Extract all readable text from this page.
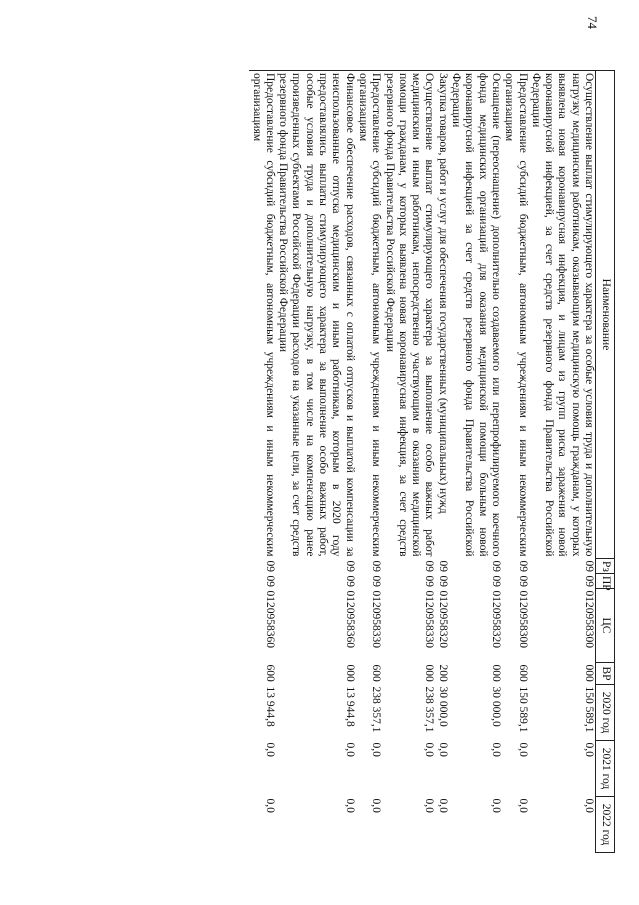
74
Наименование	Рз	ПР	ЦС	ВР	2020 год	2021 год	2022 год
Осуществление выплат стимулирующего характера за особые условия труда и дополнительную нагрузку медицинским работникам, оказывающим медицинскую помощь гражданам, у которых выявлена новая коронавирусная инфекция, и лицам из групп риска заражения новой коронавирусной инфекцией, за счет средств резервного фонда Правительства Российской Федерации	09	09	0120958300	000	150 589,1	0,0	0,0
Предоставление субсидий бюджетным, автономным учреждениям и иным некоммерческим организациям	09	09	0120958300	600	150 589,1	0,0	0,0
Оснащение (переоснащение) дополнительно создаваемого или перепрофилируемого коечного фонда медицинских организаций для оказания медицинской помощи больным новой коронавирусной инфекцией за счет средств резервного фонда Правительства Российской Федерации	09	09	0120958320	000	30 000,0	0,0	0,0
Закупка товаров, работ и услуг для обеспечения государственных (муниципальных) нужд	09	09	0120958320	200	30 000,0	0,0	0,0
Осуществление выплат стимулирующего характера за выполнение особо важных работ медицинским и иным работникам, непосредственно участвующим в оказании медицинской помощи гражданам, у которых выявлена новая коронавирусная инфекция, за счет средств резервного фонда Правительства Российской Федерации	09	09	0120958330	000	238 357,1	0,0	0,0
Предоставление субсидий бюджетным, автономным учреждениям и иным некоммерческим организациям	09	09	0120958330	600	238 357,1	0,0	0,0
Финансовое обеспечение расходов, связанных с оплатой отпусков и выплатой компенсации за неиспользованные отпуска медицинским и иным работникам, которым в 2020 году предоставлялись выплаты стимулирующего характера за выполнение особо важных работ, особые условия труда и дополнительную нагрузку, в том числе на компенсацию ранее произведенных субъектами Российской Федерации расходов на указанные цели, за счет средств резервного фонда Правительства Российской Федерации	09	09	0120958360	000	13 944,8	0,0	0,0
Предоставление субсидий бюджетным, автономным учреждениям и иным некоммерческим организациям	09	09	0120958360	600	13 944,8	0,0	0,0
